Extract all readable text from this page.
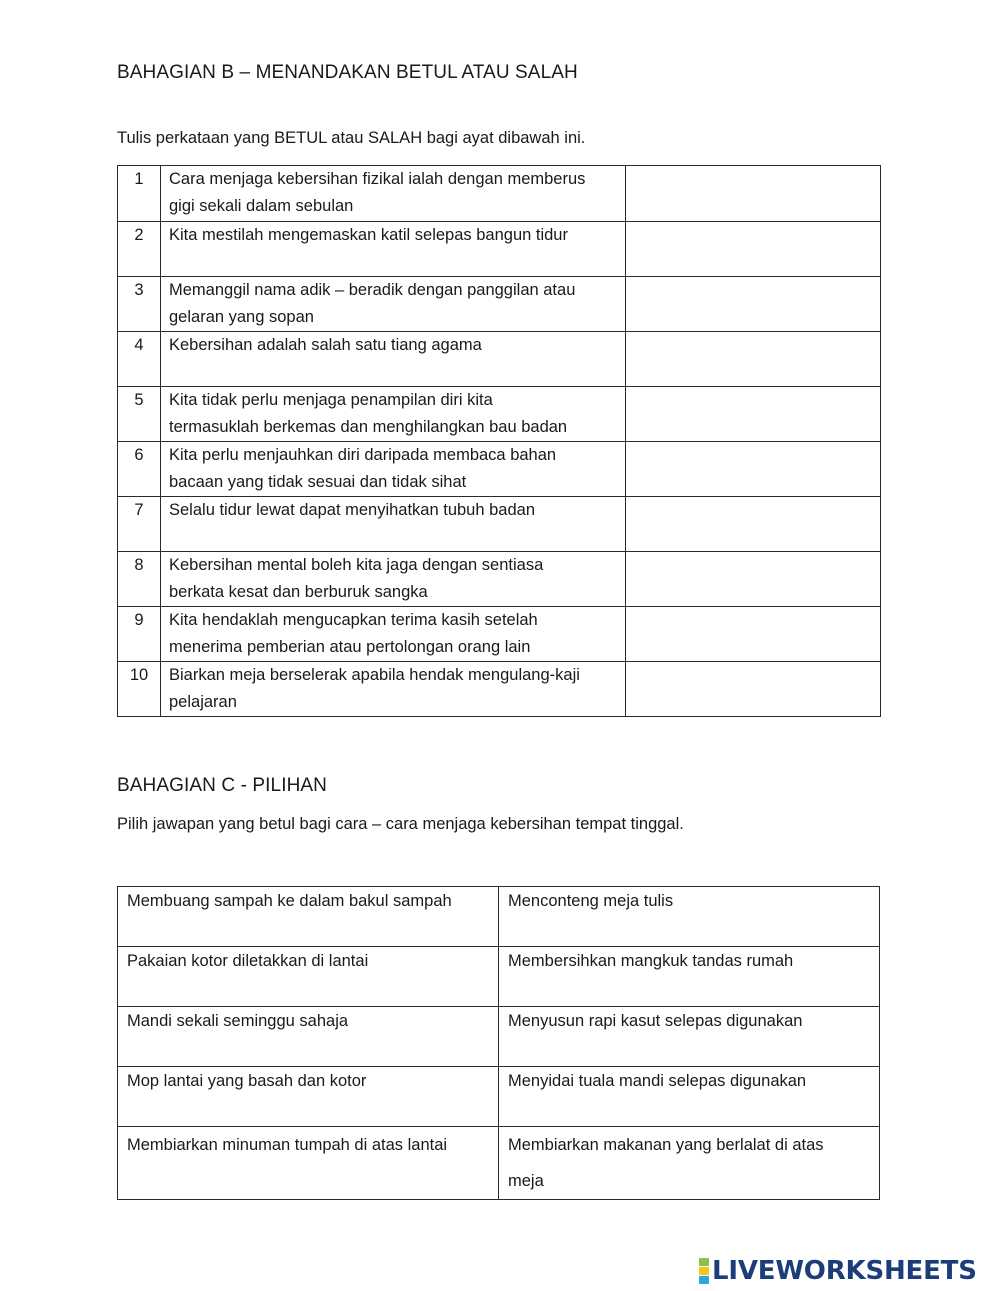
BAHAGIAN B – MENANDAKAN BETUL ATAU SALAH
Tulis perkataan yang BETUL atau SALAH bagi ayat dibawah ini.
1	Cara menjaga kebersihan fizikal ialah dengan memberus
gigi sekali dalam sebulan	

2	Kita mestilah mengemaskan katil selepas bangun tidur	

3	Memanggil nama adik – beradik dengan panggilan atau
gelaran yang sopan	

4	Kebersihan adalah salah satu tiang agama	

5	Kita tidak perlu menjaga penampilan diri kita
termasuklah berkemas dan menghilangkan bau badan	

6	Kita perlu menjauhkan diri daripada membaca bahan
bacaan yang tidak sesuai dan tidak sihat	

7	Selalu tidur lewat dapat menyihatkan tubuh badan	

8	Kebersihan mental boleh kita jaga dengan sentiasa
berkata kesat dan berburuk sangka	

9	Kita hendaklah mengucapkan terima kasih setelah
menerima pemberian atau pertolongan orang lain	

10	Biarkan meja berselerak apabila hendak mengulang-kaji
pelajaran	

BAHAGIAN C - PILIHAN
Pilih jawapan yang betul bagi cara – cara menjaga kebersihan tempat tinggal.
Membuang sampah ke dalam bakul sampah	Menconteng meja tulis
Pakaian kotor diletakkan di lantai	Membersihkan mangkuk tandas rumah
Mandi sekali seminggu sahaja	Menyusun rapi kasut selepas digunakan
Mop lantai yang basah dan kotor	Menyidai tuala mandi selepas digunakan
Membiarkan minuman tumpah di atas lantai	Membiarkan makanan yang berlalat di atas
meja
LIVEWORKSHEETS
